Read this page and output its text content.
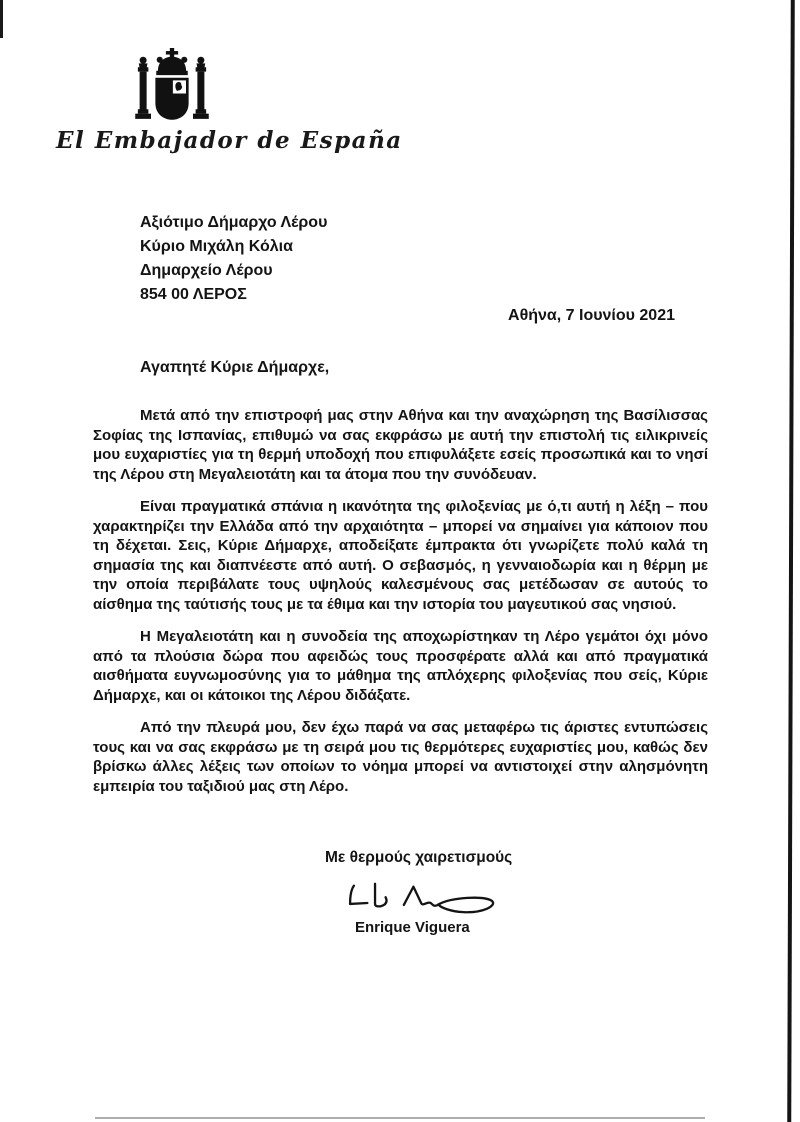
El Embajador de España
Αξιότιμο Δήμαρχο Λέρου
Κύριο Μιχάλη Κόλια
Δημαρχείο Λέρου
854 00 ΛΕΡΟΣ
Αθήνα, 7 Ιουνίου 2021
Αγαπητέ Κύριε Δήμαρχε,

Μετά από την επιστροφή μας στην Αθήνα και την αναχώρηση της Βασίλισσας Σοφίας της Ισπανίας, επιθυμώ να σας εκφράσω με αυτή την επιστολή τις ειλικρινείς μου ευχαριστίες για τη θερμή υποδοχή που επιφυλάξετε εσείς προσωπικά και το νησί της Λέρου στη Μεγαλειοτάτη και τα άτομα που την συνόδευαν.

Είναι πραγματικά σπάνια η ικανότητα της φιλοξενίας με ό,τι αυτή η λέξη – που χαρακτηρίζει την Ελλάδα από την αρχαιότητα – μπορεί να σημαίνει για κάποιον που τη δέχεται. Σεις, Κύριε Δήμαρχε, αποδείξατε έμπρακτα ότι γνωρίζετε πολύ καλά τη σημασία της και διαπνέεστε από αυτή. Ο σεβασμός, η γενναιοδωρία και η θέρμη με την οποία περιβάλατε τους υψηλούς καλεσμένους σας μετέδωσαν σε αυτούς το αίσθημα της ταύτισής τους με τα έθιμα και την ιστορία του μαγευτικού σας νησιού.

Η Μεγαλειοτάτη και η συνοδεία της αποχωρίστηκαν τη Λέρο γεμάτοι όχι μόνο από τα πλούσια δώρα που αφειδώς τους προσφέρατε αλλά και από πραγματικά αισθήματα ευγνωμοσύνης για το μάθημα της απλόχερης φιλοξενίας που σείς, Κύριε Δήμαρχε, και οι κάτοικοι της Λέρου διδάξατε.

Από την πλευρά μου, δεν έχω παρά να σας μεταφέρω τις άριστες εντυπώσεις τους και να σας εκφράσω με τη σειρά μου τις θερμότερες ευχαριστίες μου, καθώς δεν βρίσκω άλλες λέξεις των οποίων το νόημα μπορεί να αντιστοιχεί στην αλησμόνητη εμπειρία του ταξιδιού μας στη Λέρο.

Με θερμούς χαιρετισμούς
Enrique Viguera
